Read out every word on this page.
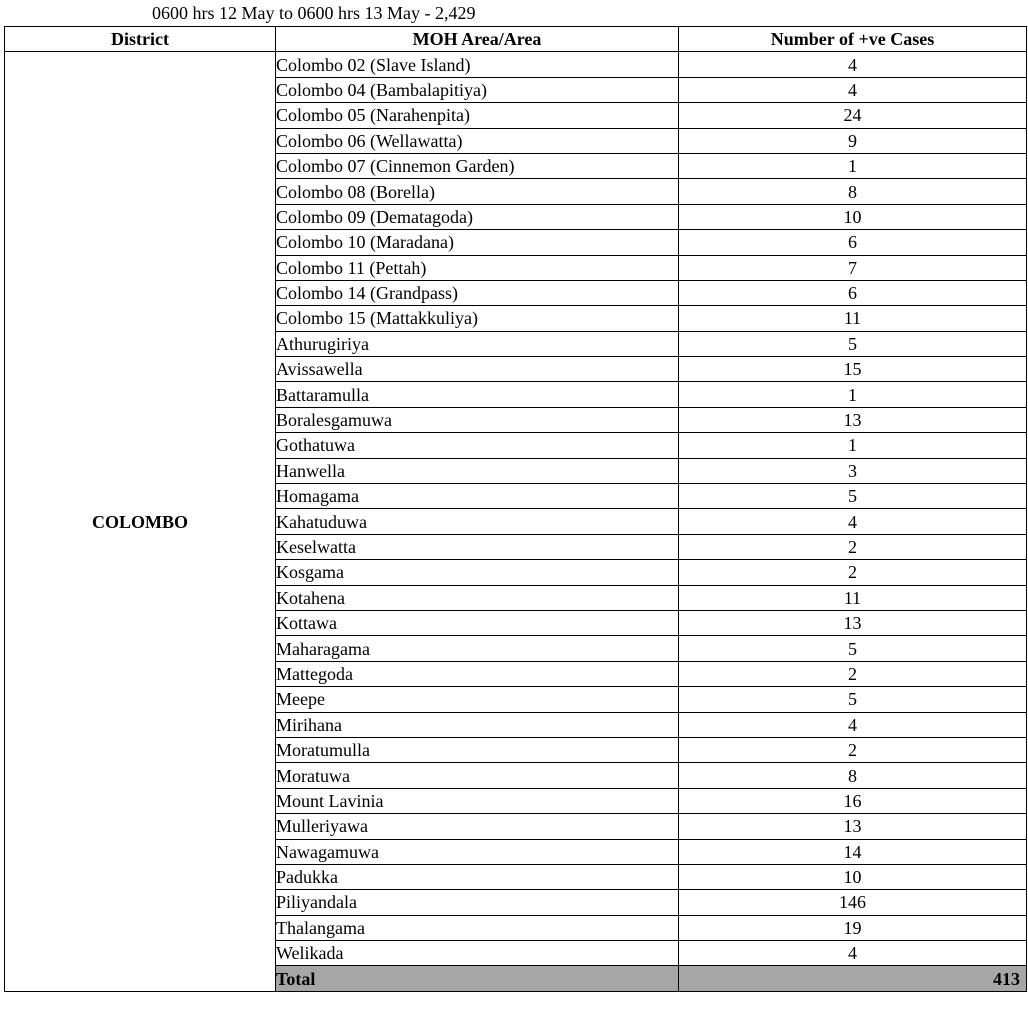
0600 hrs 12 May to 0600 hrs 13 May - 2,429
District	MOH Area/Area	Number of +ve Cases
COLOMBO	Colombo 02 (Slave Island)	4
	Colombo 04 (Bambalapitiya)	4
	Colombo 05 (Narahenpita)	24
	Colombo 06 (Wellawatta)	9
	Colombo 07 (Cinnemon Garden)	1
	Colombo 08 (Borella)	8
	Colombo 09 (Dematagoda)	10
	Colombo 10 (Maradana)	6
	Colombo 11 (Pettah)	7
	Colombo 14 (Grandpass)	6
	Colombo 15 (Mattakkuliya)	11
	Athurugiriya	5
	Avissawella	15
	Battaramulla	1
	Boralesgamuwa	13
	Gothatuwa	1
	Hanwella	3
	Homagama	5
	Kahatuduwa	4
	Keselwatta	2
	Kosgama	2
	Kotahena	11
	Kottawa	13
	Maharagama	5
	Mattegoda	2
	Meepe	5
	Mirihana	4
	Moratumulla	2
	Moratuwa	8
	Mount Lavinia	16
	Mulleriyawa	13
	Nawagamuwa	14
	Padukka	10
	Piliyandala	146
	Thalangama	19
	Welikada	4
	Total	413
